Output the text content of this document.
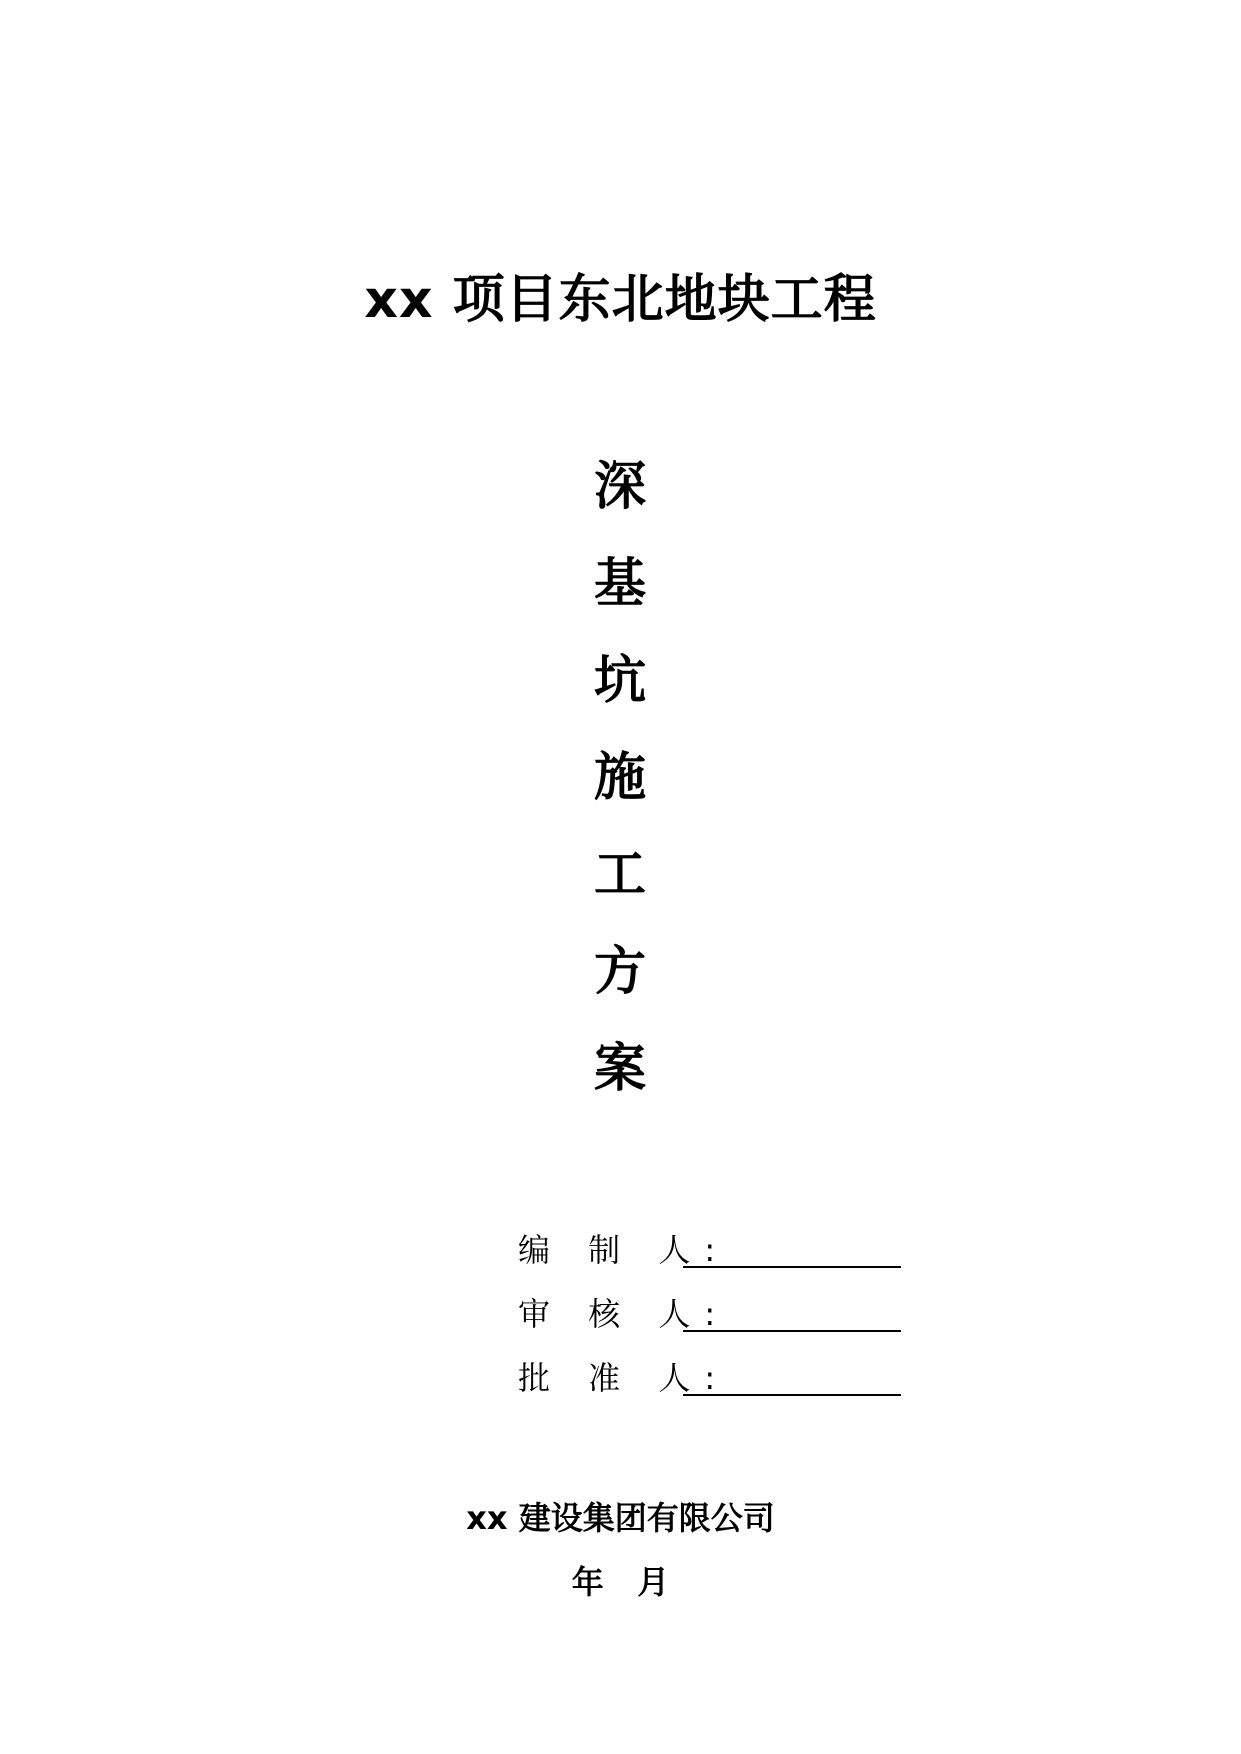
xx 项目东北地块工程
深
基
坑
施
工
方
案
编 制 人:
审 核 人:
批 准 人:
xx 建设集团有限公司
年   月
